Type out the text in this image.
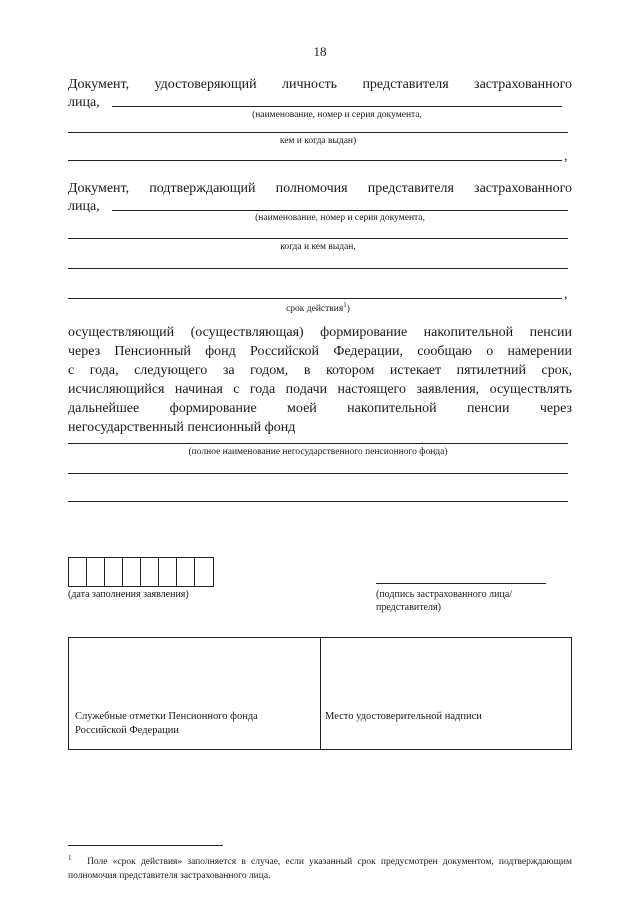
18
Документ, удостоверяющий личность представителя застрахованного
лица,
(наименование, номер и серия документа,
кем и когда выдан)
,
Документ, подтверждающий полномочия представителя застрахованного
лица,
(наименование, номер и серия документа,
когда и кем выдан,
,
срок действия$^1$)
осуществляющий (осуществляющая) формирование накопительной пенсии
через Пенсионный фонд Российской Федерации, сообщаю о намерении
с года, следующего за годом, в котором истекает пятилетний срок,
исчисляющийся начиная с года подачи настоящего заявления, осуществлять
дальнейшее формирование моей накопительной пенсии через
негосударственный пенсионный фонд
(полное наименование негосударственного пенсионного фонда)
(дата заполнения заявления)	(подпись застрахованного лица/ представителя)
Служебные отметки Пенсионного фонда Российской Федерации
Место удостоверительной надписи
$^1$ Поле «срок действия» заполняется в случае, если указанный срок предусмотрен документом, подтверждающим полномочия представителя застрахованного лица.
